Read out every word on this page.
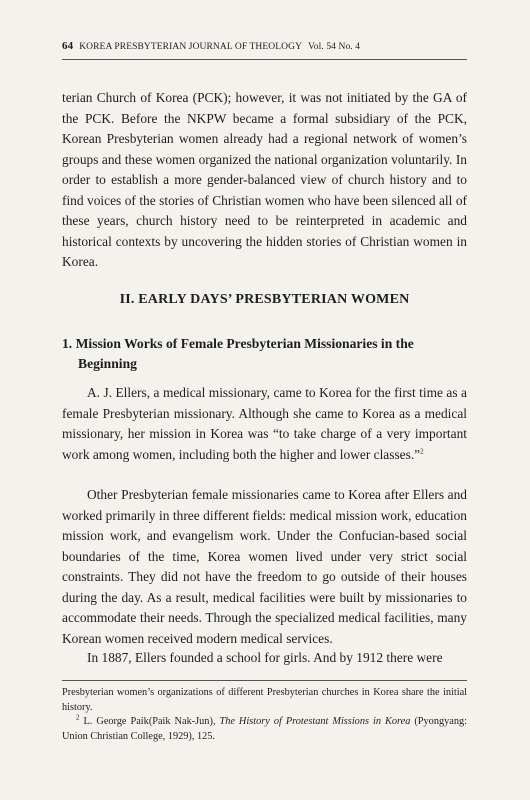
64 KOREA PRESBYTERIAN JOURNAL OF THEOLOGY Vol. 54 No. 4

terian Church of Korea (PCK); however, it was not initiated by the GA of the PCK. Before the NKPW became a formal subsidiary of the PCK, Korean Presbyterian women already had a regional network of women’s groups and these women organized the national organization voluntarily. In order to establish a more gender-balanced view of church history and to find voices of the stories of Christian women who have been silenced all of these years, church history need to be reinterpreted in academic and historical contexts by uncovering the hidden stories of Christian women in Korea.

II. EARLY DAYS’ PRESBYTERIAN WOMEN
1. Mission Works of Female Presbyterian Missionaries in the Beginning

A. J. Ellers, a medical missionary, came to Korea for the first time as a female Presbyterian missionary. Although she came to Korea as a medical missionary, her mission in Korea was “to take charge of a very important work among women, including both the higher and lower classes.”$^2$

Other Presbyterian female missionaries came to Korea after Ellers and worked primarily in three different fields: medical mission work, education mission work, and evangelism work. Under the Confucian-based social boundaries of the time, Korea women lived under very strict social constraints. They did not have the freedom to go outside of their houses during the day. As a result, medical facilities were built by missionaries to accommodate their needs. Through the specialized medical facilities, many Korean women received modern medical services.

In 1887, Ellers founded a school for girls. And by 1912 there were

Presbyterian women’s organizations of different Presbyterian churches in Korea share the initial history.

$^2$ L. George Paik(Paik Nak-Jun), The History of Protestant Missions in Korea (Pyongyang: Union Christian College, 1929), 125.
